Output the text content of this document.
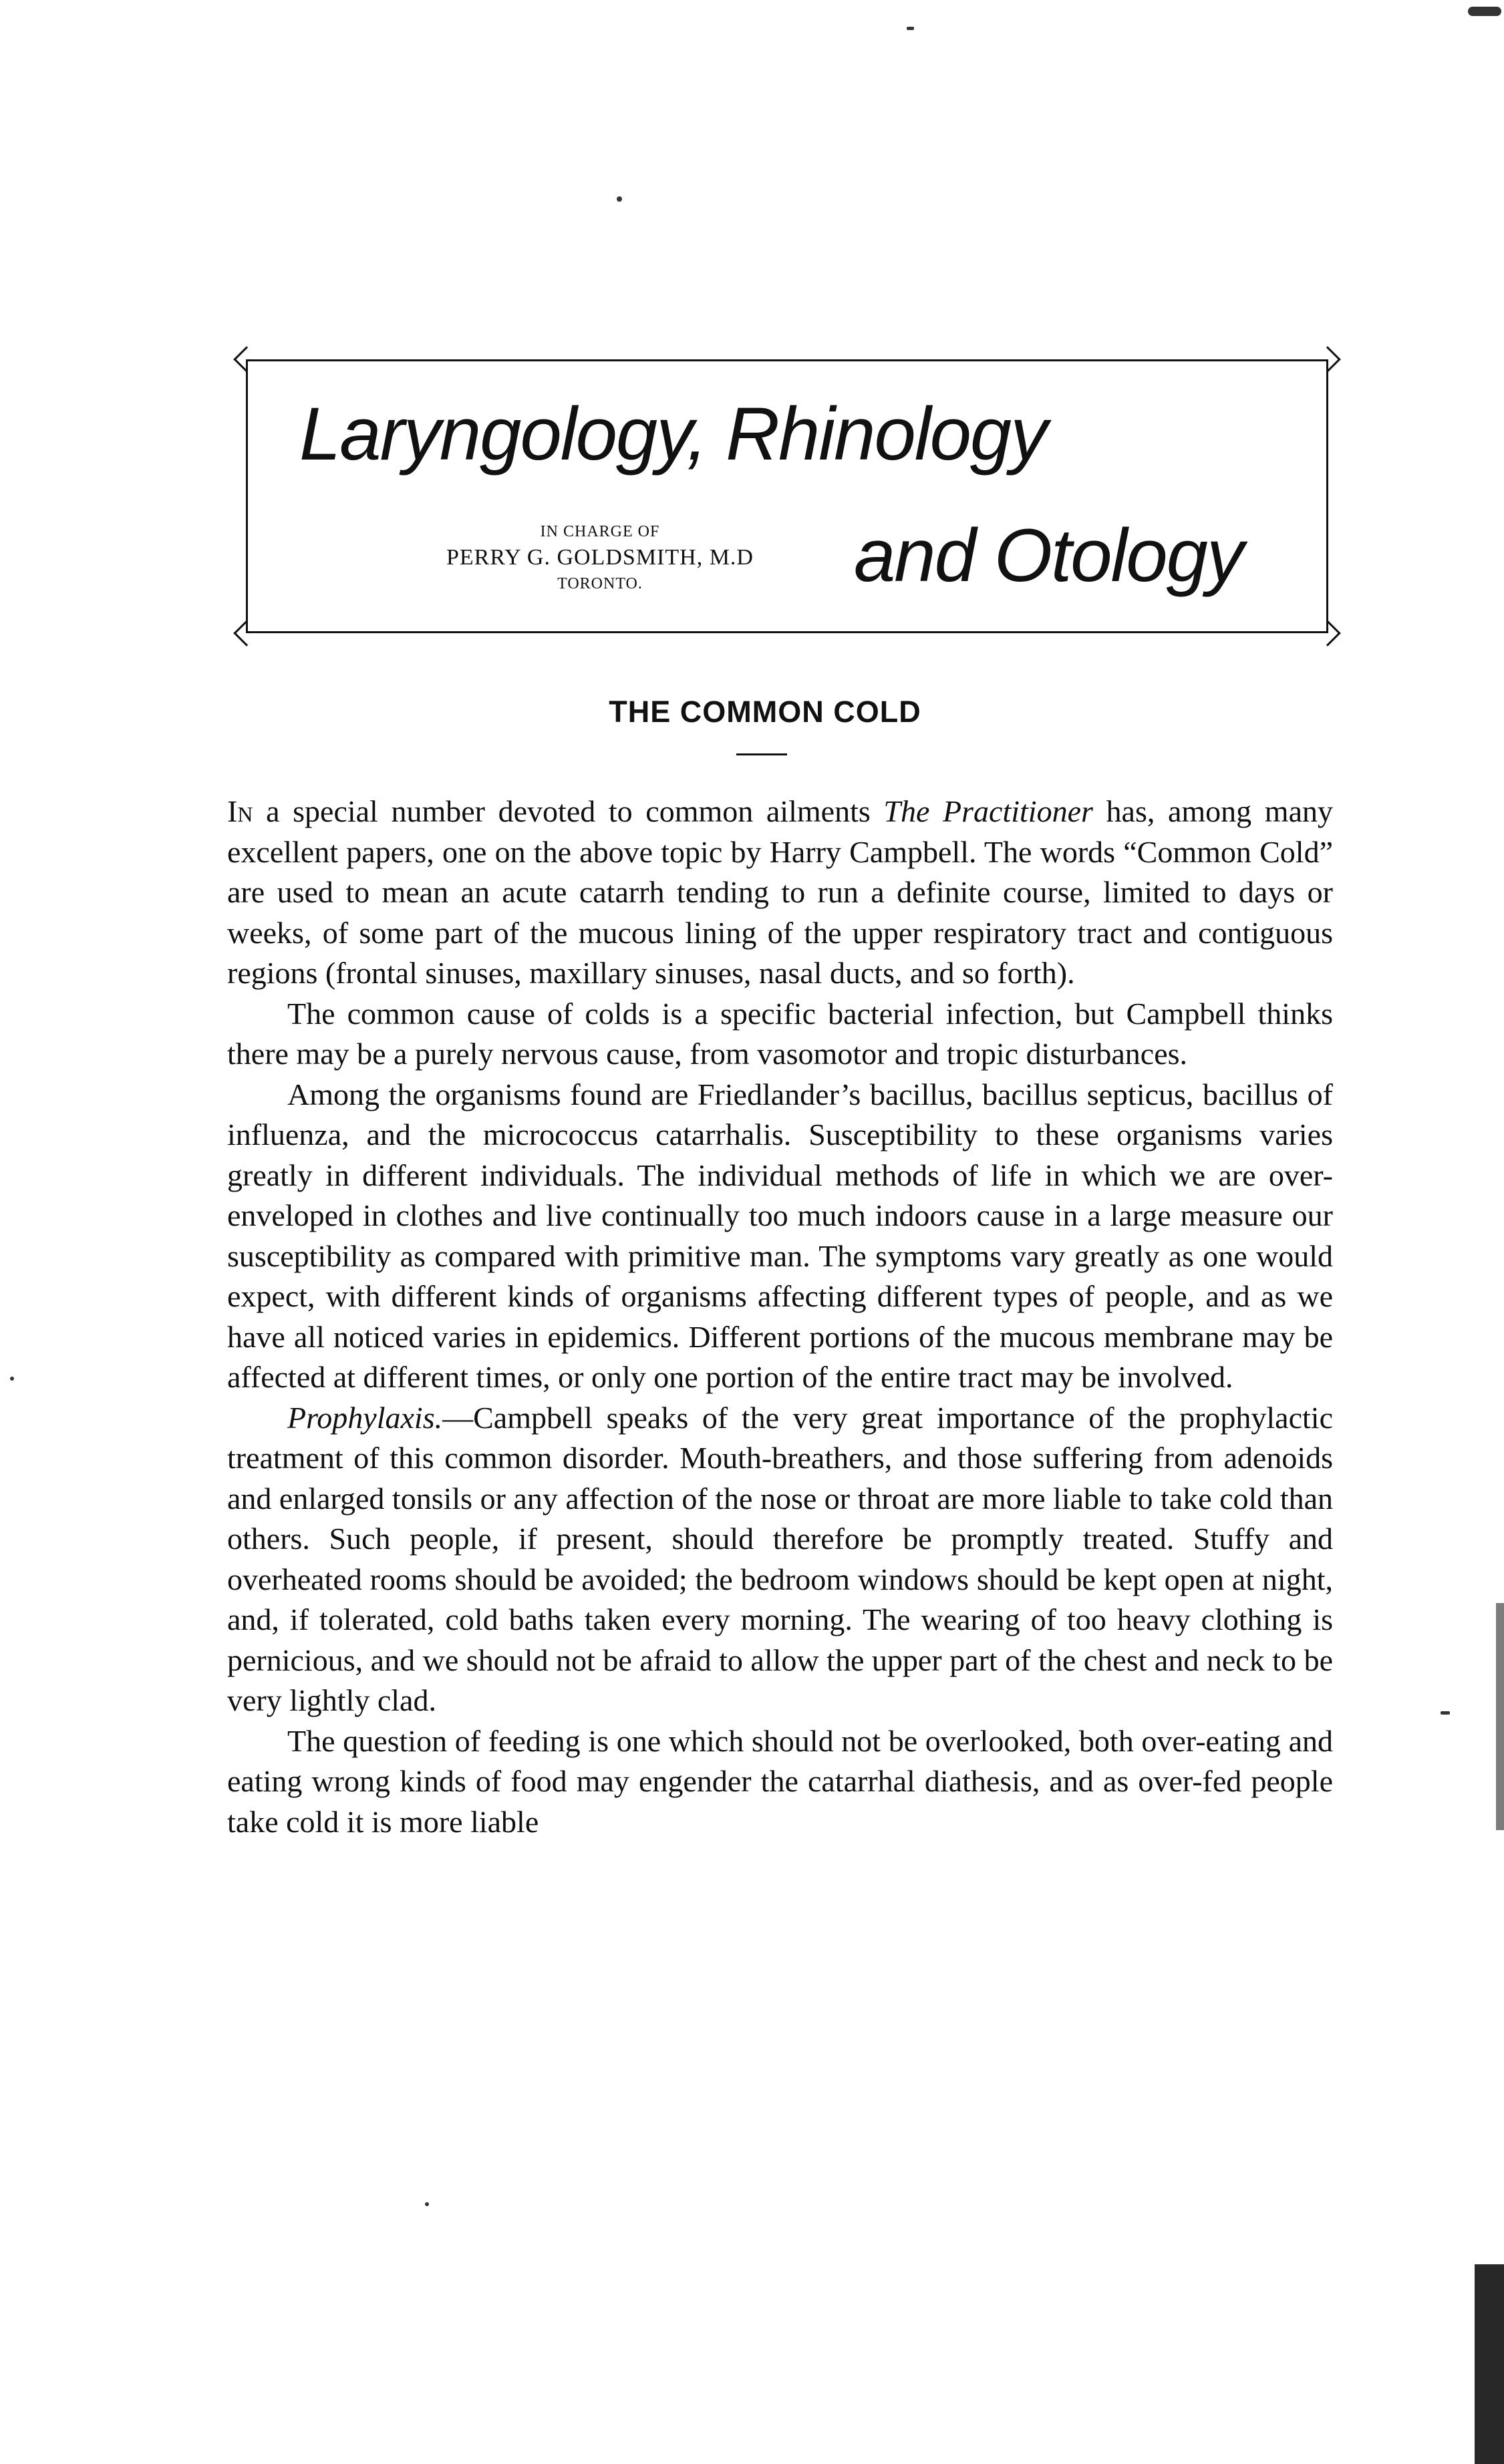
Laryngology, Rhinology
and Otology
IN CHARGE OF
PERRY G. GOLDSMITH, M.D
TORONTO.
THE COMMON COLD

In a special number devoted to common ailments The Practitioner has, among many excellent papers, one on the above topic by Harry Campbell. The words “Common Cold” are used to mean an acute catarrh tending to run a definite course, limited to days or weeks, of some part of the mucous lining of the upper respiratory tract and contiguous regions (frontal sinuses, maxillary sinuses, nasal ducts, and so forth).

The common cause of colds is a specific bacterial infection, but Campbell thinks there may be a purely nervous cause, from vasomotor and tropic disturbances.

Among the organisms found are Friedlander’s bacillus, bacillus septicus, bacillus of influenza, and the micrococcus catarrhalis. Susceptibility to these organisms varies greatly in different individuals. The individual methods of life in which we are over-enveloped in clothes and live continually too much indoors cause in a large measure our susceptibility as compared with primitive man. The symptoms vary greatly as one would expect, with different kinds of organisms affecting different types of people, and as we have all noticed varies in epidemics. Different portions of the mucous membrane may be affected at different times, or only one portion of the entire tract may be involved.

Prophylaxis.—Campbell speaks of the very great importance of the prophylactic treatment of this common disorder. Mouth-breathers, and those suffering from adenoids and enlarged tonsils or any affection of the nose or throat are more liable to take cold than others. Such people, if present, should therefore be promptly treated. Stuffy and overheated rooms should be avoided; the bedroom windows should be kept open at night, and, if tolerated, cold baths taken every morning. The wearing of too heavy clothing is pernicious, and we should not be afraid to allow the upper part of the chest and neck to be very lightly clad.

The question of feeding is one which should not be overlooked, both over-eating and eating wrong kinds of food may engender the catarrhal diathesis, and as over-fed people take cold it is more liable
